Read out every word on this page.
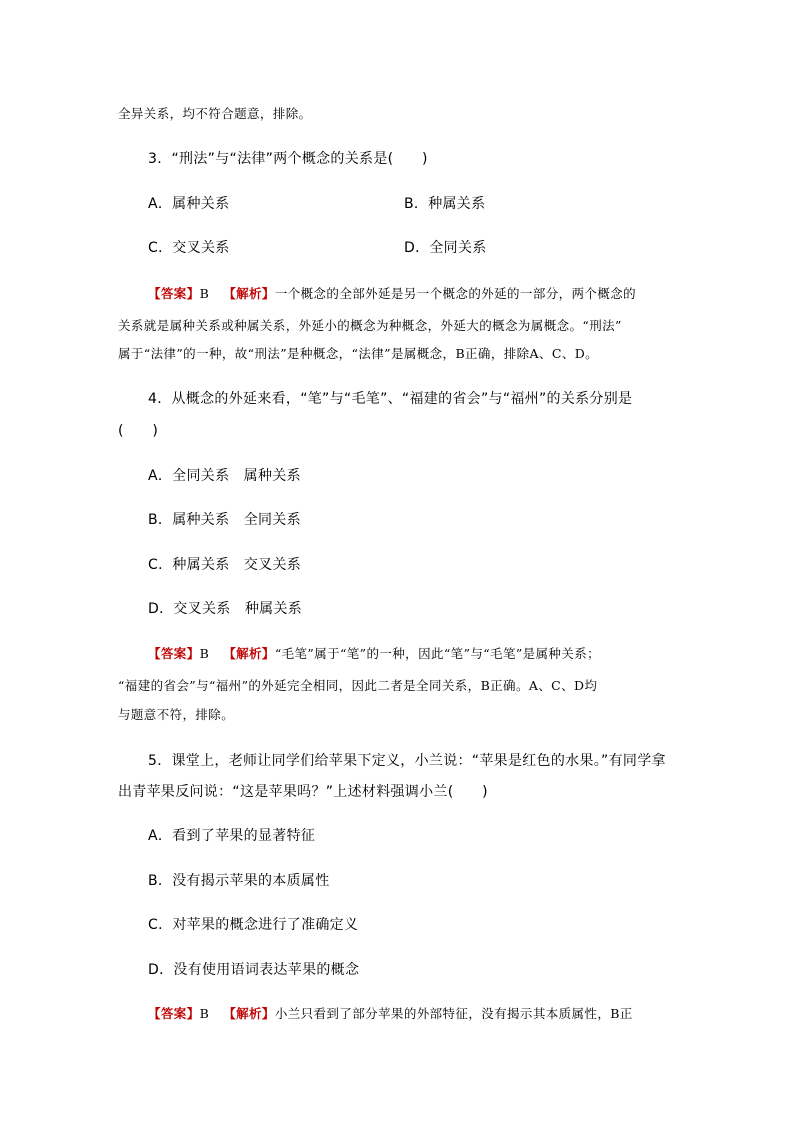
全异关系，均不符合题意，排除。
3．“刑法”与“法律”两个概念的关系是(　　)
A．属种关系	B．种属关系
C．交叉关系	D．全同关系
【答案】B 【解析】一个概念的全部外延是另一个概念的外延的一部分，两个概念的
关系就是属种关系或种属关系，外延小的概念为种概念，外延大的概念为属概念。“刑法”
属于“法律”的一种，故“刑法”是种概念，“法律”是属概念，B正确，排除A、C、D。
4．从概念的外延来看，“笔”与“毛笔”、“福建的省会”与“福州”的关系分别是
(　　)
A．全同关系　属种关系
B．属种关系　全同关系
C．种属关系　交叉关系
D．交叉关系　种属关系
【答案】B 【解析】“毛笔”属于“笔”的一种，因此“笔”与“毛笔”是属种关系；
“福建的省会”与“福州”的外延完全相同，因此二者是全同关系，B正确。A、C、D均
与题意不符，排除。
5．课堂上，老师让同学们给苹果下定义，小兰说：“苹果是红色的水果。”有同学拿
出青苹果反问说：“这是苹果吗？”上述材料强调小兰(　　)
A．看到了苹果的显著特征
B．没有揭示苹果的本质属性
C．对苹果的概念进行了准确定义
D．没有使用语词表达苹果的概念
【答案】B 【解析】小兰只看到了部分苹果的外部特征，没有揭示其本质属性，B正
